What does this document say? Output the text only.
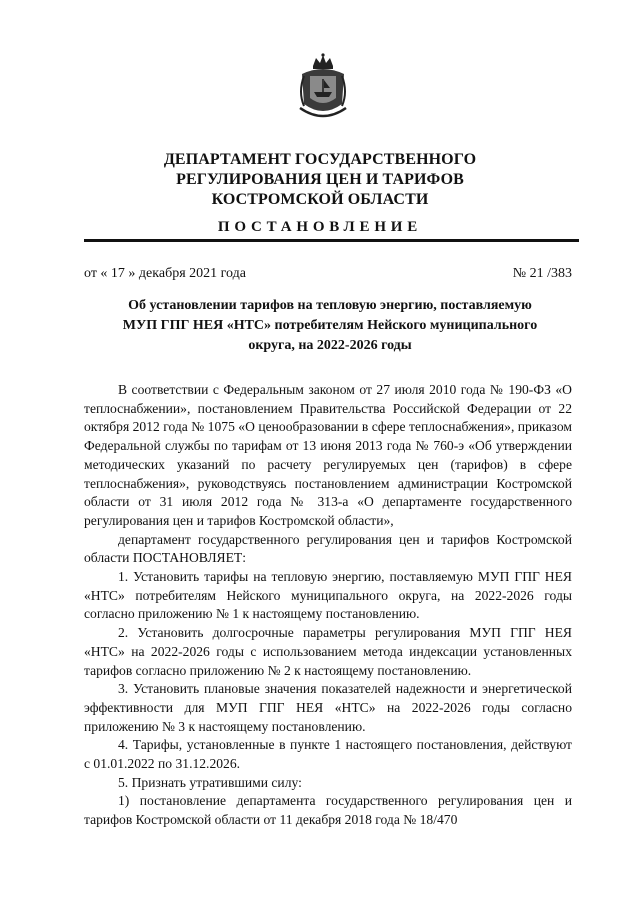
ДЕПАРТАМЕНТ ГОСУДАРСТВЕННОГО
РЕГУЛИРОВАНИЯ ЦЕН И ТАРИФОВ
КОСТРОМСКОЙ ОБЛАСТИ
ПОСТАНОВЛЕНИЕ
от « 17 » декабря 2021 года	№ 21 /383
Об установлении тарифов на тепловую энергию, поставляемую
МУП ГПГ НЕЯ «НТС» потребителям Нейского муниципального
округа, на 2022-2026 годы

В соответствии с Федеральным законом от 27 июля 2010 года № 190-ФЗ «О теплоснабжении», постановлением Правительства Российской Федерации от 22 октября 2012 года № 1075 «О ценообразовании в сфере теплоснабжения», приказом Федеральной службы по тарифам от 13 июня 2013 года № 760-э «Об утверждении методических указаний по расчету регулируемых цен (тарифов) в сфере теплоснабжения», руководствуясь постановлением администрации Костромской области от 31 июля 2012 года № 313-а «О департаменте государственного регулирования цен и тарифов Костромской области»,

департамент государственного регулирования цен и тарифов Костромской области ПОСТАНОВЛЯЕТ:

1. Установить тарифы на тепловую энергию, поставляемую МУП ГПГ НЕЯ «НТС» потребителям Нейского муниципального округа, на 2022-2026 годы согласно приложению № 1 к настоящему постановлению.

2. Установить долгосрочные параметры регулирования МУП ГПГ НЕЯ «НТС» на 2022-2026 годы с использованием метода индексации установленных тарифов согласно приложению № 2 к настоящему постановлению.

3. Установить плановые значения показателей надежности и энергетической эффективности для МУП ГПГ НЕЯ «НТС» на 2022-2026 годы согласно приложению № 3 к настоящему постановлению.

4. Тарифы, установленные в пункте 1 настоящего постановления, действуют с 01.01.2022 по 31.12.2026.

5. Признать утратившими силу:

1) постановление департамента государственного регулирования цен и тарифов Костромской области от 11 декабря 2018 года № 18/470
